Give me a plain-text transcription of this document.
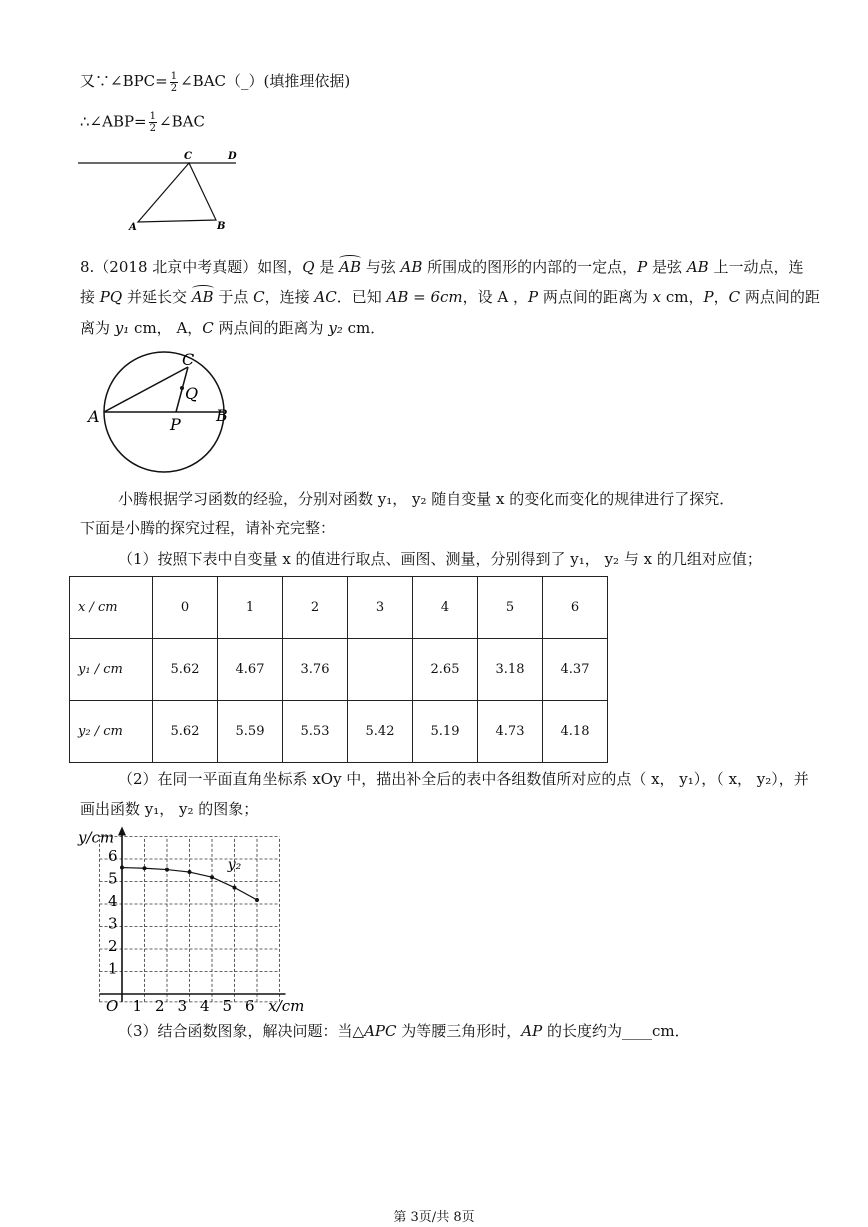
又∵∠BPC= $\frac{1}{2}$ ∠BAC（_）(填推理依据)
∴∠ABP= $\frac{1}{2}$ ∠BAC
C	D
A	B
8.（2018 北京中考真题）如图，Q 是 AB 与弦 AB 所围成的图形的内部的一定点，P 是弦 AB 上一动点，连
接 PQ 并延长交 AB 于点 C，连接 AC．已知 AB = 6cm，设 A ，P 两点间的距离为 x cm，P，C 两点间的距
离为 y₁ cm， A，C 两点间的距离为 y₂ cm．
C
Q
A	B
P
小腾根据学习函数的经验，分别对函数 y₁， y₂ 随自变量 x 的变化而变化的规律进行了探究．
下面是小腾的探究过程，请补充完整：
（1）按照下表中自变量 x 的值进行取点、画图、测量，分别得到了 y₁， y₂ 与 x 的几组对应值；
x / cm	0	1	2	3	4	5	6
y₁ / cm	5.62	4.67	3.76		2.65	3.18	4.37
y₂ / cm	5.62	5.59	5.53	5.42	5.19	4.73	4.18
（2）在同一平面直角坐标系 xOy 中，描出补全后的表中各组数值所对应的点（ x， y₁），（ x， y₂），并
画出函数 y₁， y₂ 的图象；
1 2 3 4 5 6
1
2
3
4
5
6
O	x/cm
y/cm
y₂
（3）结合函数图象，解决问题：当△APC 为等腰三角形时，AP 的长度约为____cm．
第 3页/共 8页
